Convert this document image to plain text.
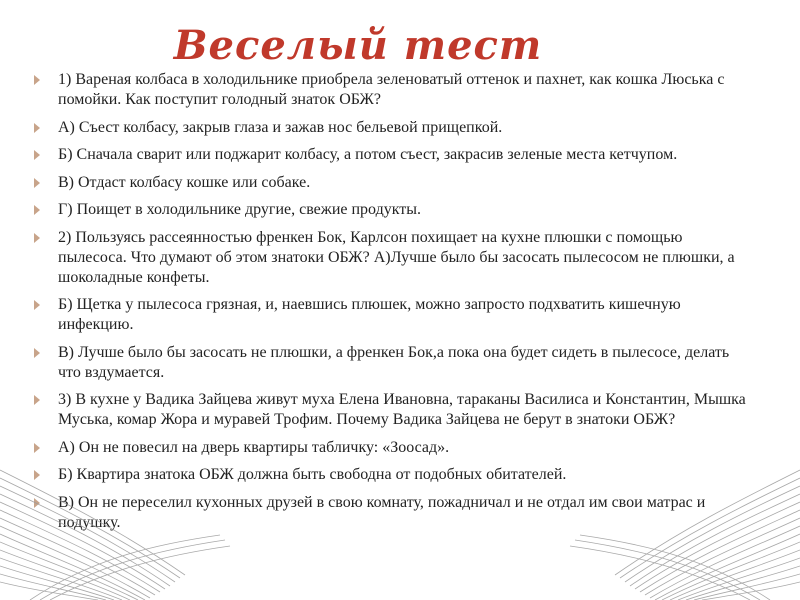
Веселый тест
1) Вареная колбаса в холодильнике приобрела зеленоватый оттенок и пахнет, как кошка Люська с помойки. Как поступит голодный знаток ОБЖ?
А) Съест колбасу, закрыв глаза и зажав нос бельевой прищепкой.
Б) Сначала сварит или поджарит колбасу, а потом съест, закрасив зеленые места кетчупом.
В) Отдаст колбасу кошке или собаке.
Г) Поищет в холодильнике другие, свежие продукты.
2) Пользуясь рассеянностью френкен Бок, Карлсон похищает на кухне плюшки с помощью пылесоса. Что думают об этом знатоки ОБЖ? А)Лучше было бы засосать пылесосом не плюшки, а шоколадные конфеты.
Б) Щетка у пылесоса грязная, и, наевшись плюшек, можно запросто подхватить кишечную инфекцию.
В) Лучше было бы засосать не плюшки, а френкен Бок,а пока она будет сидеть в пылесосе, делать что вздумается.
3) В кухне у Вадика Зайцева живут муха Елена Ивановна, тараканы Василиса и Константин, Мышка Муська, комар Жора и муравей Трофим. Почему Вадика Зайцева не берут в знатоки ОБЖ?
А) Он не повесил на дверь квартиры табличку: «Зоосад».
Б) Квартира знатока ОБЖ должна быть свободна от подобных обитателей.
В) Он не переселил кухонных друзей в свою комнату, пожадничал и не отдал им свои матрас и подушку.
